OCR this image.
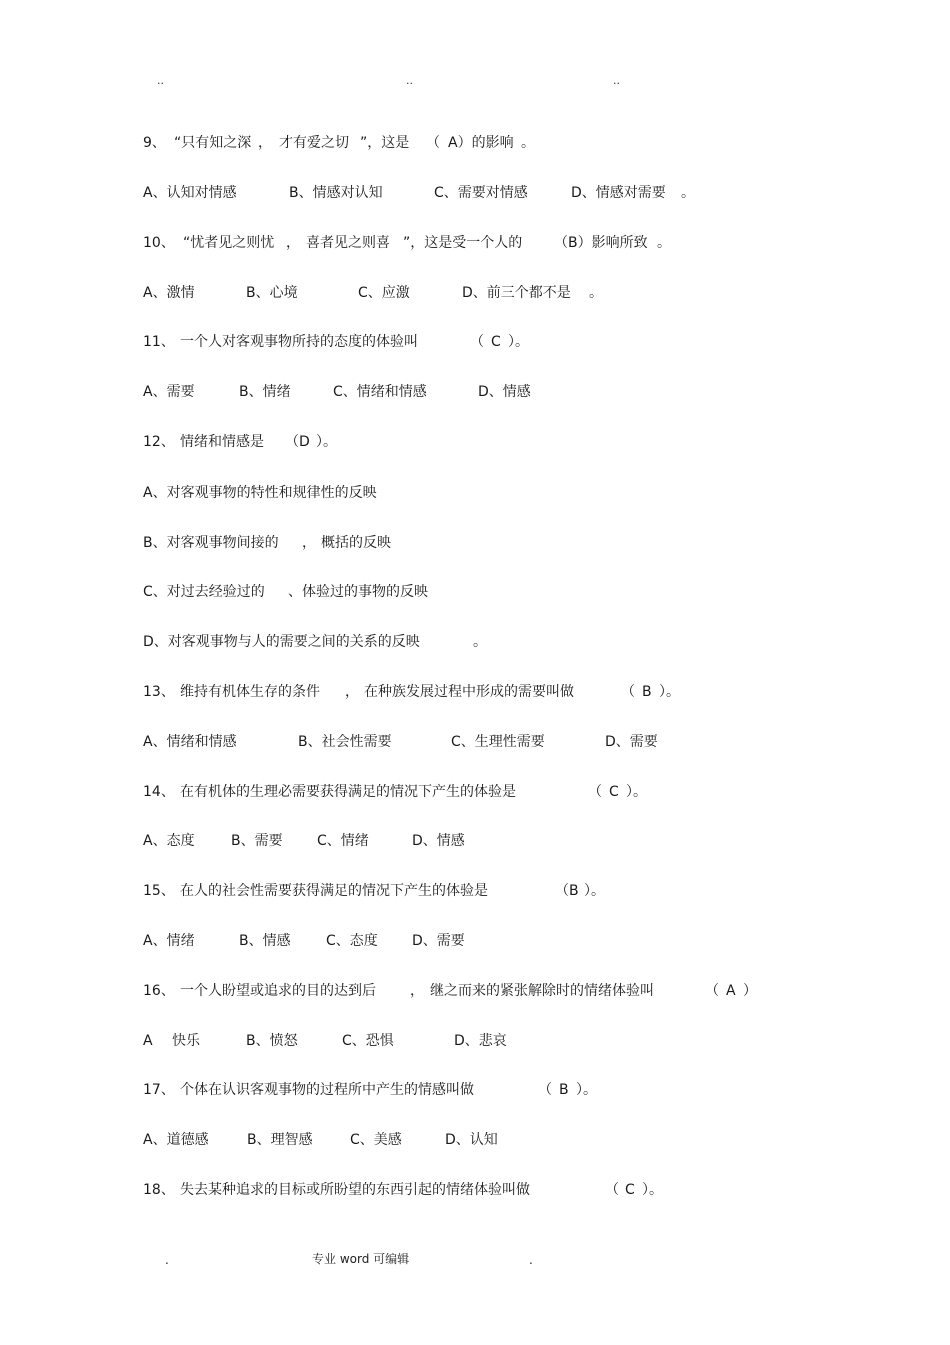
..	..	..
9、 “只有知之深 ， 才有爱之切 ”，这是 （ A）的影响 。
A、认知对情感	B、情感对认知	C、需要对情感	D、情感对需要 。
10、 “忧者见之则忧 ， 喜者见之则喜 ”，这是受一个人的 （B）影响所致 。
A、激情	B、心境	C、应激	D、前三个都不是 。
11、 一个人对客观事物所持的态度的体验叫	（ C ）。
A、需要	B、情绪	C、情绪和情感	D、情感
12、 情绪和情感是 （D ）。
A、对客观事物的特性和规律性的反映
B、对客观事物间接的 ， 概括的反映
C、对过去经验过的 、体验过的事物的反映
D、对客观事物与人的需要之间的关系的反映	。
13、 维持有机体生存的条件 ， 在种族发展过程中形成的需要叫做	（ B ）。
A、情绪和情感	B、社会性需要	C、生理性需要	D、需要
14、 在有机体的生理必需要获得满足的情况下产生的体验是	（ C ）。
A、态度	B、需要 C、情绪	D、情感
15、 在人的社会性需要获得满足的情况下产生的体验是	（B ）。
A、情绪	B、情感	C、态度 D、需要
16、 一个人盼望或追求的目的达到后 ， 继之而来的紧张解除时的情绪体验叫	（ A ）
A 快乐	B、愤怒	C、恐惧	D、悲哀
17、 个体在认识客观事物的过程所中产生的情感叫做	（ B ）。
A、道德感	B、理智感	C、美感	D、认知
18、 失去某种追求的目标或所盼望的东西引起的情绪体验叫做	（ C ）。
.	专业 word 可编辑	.
